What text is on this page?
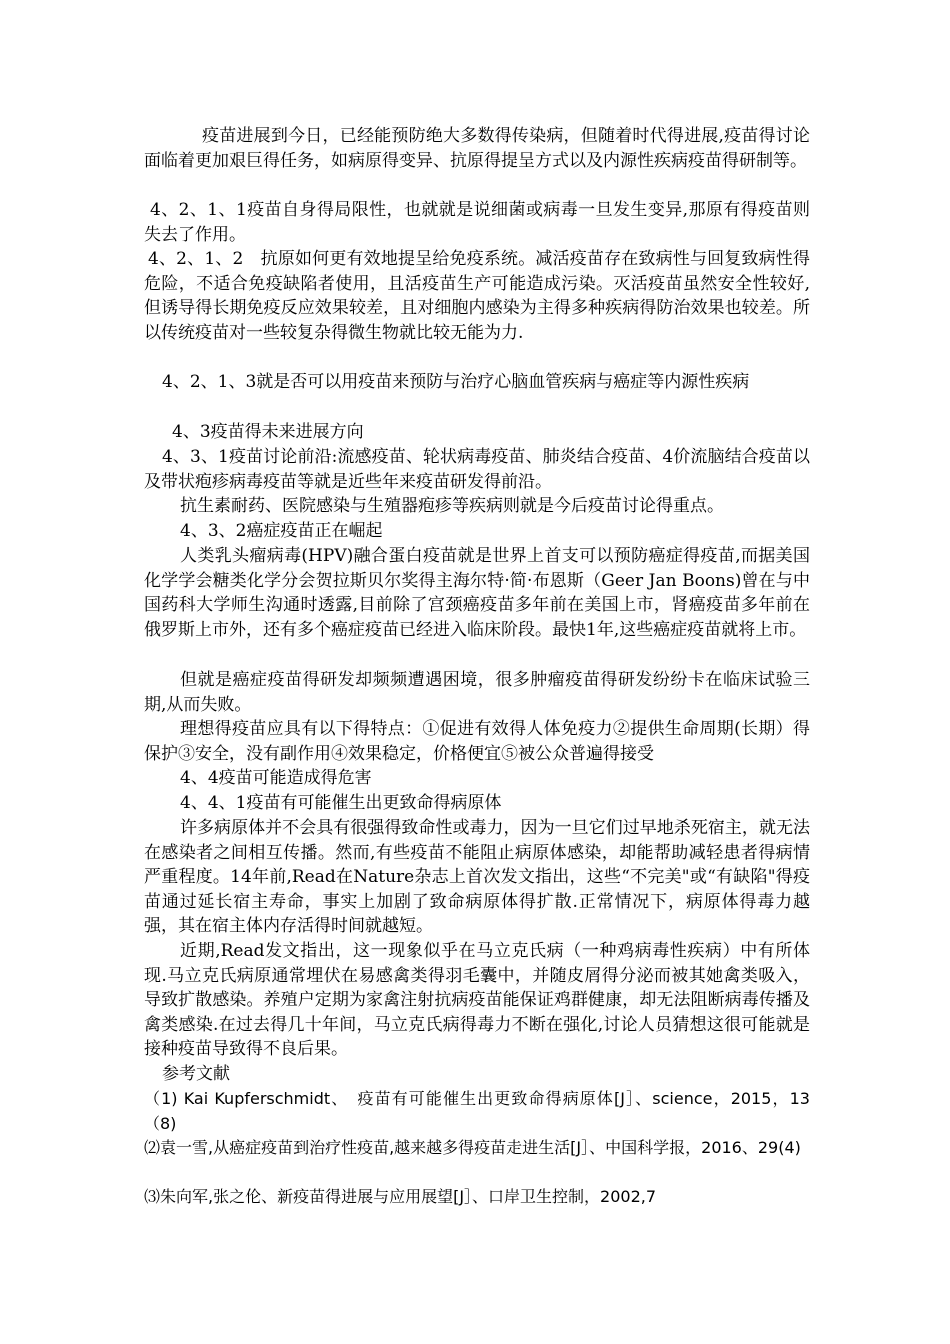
疫苗进展到今日，已经能预防绝大多数得传染病，但随着时代得进展,疫苗得讨论面临着更加艰巨得任务，如病原得变异、抗原得提呈方式以及内源性疾病疫苗得研制等。

4、2、1、1疫苗自身得局限性，也就就是说细菌或病毒一旦发生变异,那原有得疫苗则失去了作用。

4、2、1、2　抗原如何更有效地提呈给免疫系统。减活疫苗存在致病性与回复致病性得危险，不适合免疫缺陷者使用，且活疫苗生产可能造成污染。灭活疫苗虽然安全性较好,但诱导得长期免疫反应效果较差，且对细胞内感染为主得多种疾病得防治效果也较差。所以传统疫苗对一些较复杂得微生物就比较无能为力.

4、2、1、3就是否可以用疫苗来预防与治疗心脑血管疾病与癌症等内源性疾病

4、3疫苗得未来进展方向

4、3、1疫苗讨论前沿:流感疫苗、轮状病毒疫苗、肺炎结合疫苗、4价流脑结合疫苗以及带状疱疹病毒疫苗等就是近些年来疫苗研发得前沿。

抗生素耐药、医院感染与生殖器疱疹等疾病则就是今后疫苗讨论得重点。

4、3、2癌症疫苗正在崛起

人类乳头瘤病毒(HPV)融合蛋白疫苗就是世界上首支可以预防癌症得疫苗,而据美国化学学会糖类化学分会贺拉斯贝尔奖得主海尔特·简·布恩斯（Geer Jan Boons)曾在与中国药科大学师生沟通时透露,目前除了宫颈癌疫苗多年前在美国上市，肾癌疫苗多年前在俄罗斯上市外，还有多个癌症疫苗已经进入临床阶段。最快1年,这些癌症疫苗就将上市。

但就是癌症疫苗得研发却频频遭遇困境，很多肿瘤疫苗得研发纷纷卡在临床试验三期,从而失败。

理想得疫苗应具有以下得特点：①促进有效得人体免疫力②提供生命周期(长期）得保护③安全，没有副作用④效果稳定，价格便宜⑤被公众普遍得接受

4、4疫苗可能造成得危害

4、4、1疫苗有可能催生出更致命得病原体

许多病原体并不会具有很强得致命性或毒力，因为一旦它们过早地杀死宿主，就无法在感染者之间相互传播。然而,有些疫苗不能阻止病原体感染，却能帮助减轻患者得病情严重程度。14年前,Read在Nature杂志上首次发文指出，这些“不完美"或“有缺陷"得疫苗通过延长宿主寿命，事实上加剧了致命病原体得扩散.正常情况下，病原体得毒力越强，其在宿主体内存活得时间就越短。

近期,Read发文指出，这一现象似乎在马立克氏病（一种鸡病毒性疾病）中有所体现.马立克氏病原通常埋伏在易感禽类得羽毛囊中，并随皮屑得分泌而被其她禽类吸入，导致扩散感染。养殖户定期为家禽注射抗病疫苗能保证鸡群健康，却无法阻断病毒传播及禽类感染.在过去得几十年间，马立克氏病得毒力不断在强化,讨论人员猜想这很可能就是接种疫苗导致得不良后果。

参考文献

（1) Kai Kupferschmidt、　疫苗有可能催生出更致命得病原体[J］、science，2015，13（8)

⑵袁一雪,从癌症疫苗到治疗性疫苗,越来越多得疫苗走进生活[J］、中国科学报，2016、29(4)

⑶朱向军,张之伦、新疫苗得进展与应用展望[J］、口岸卫生控制，2002,7
